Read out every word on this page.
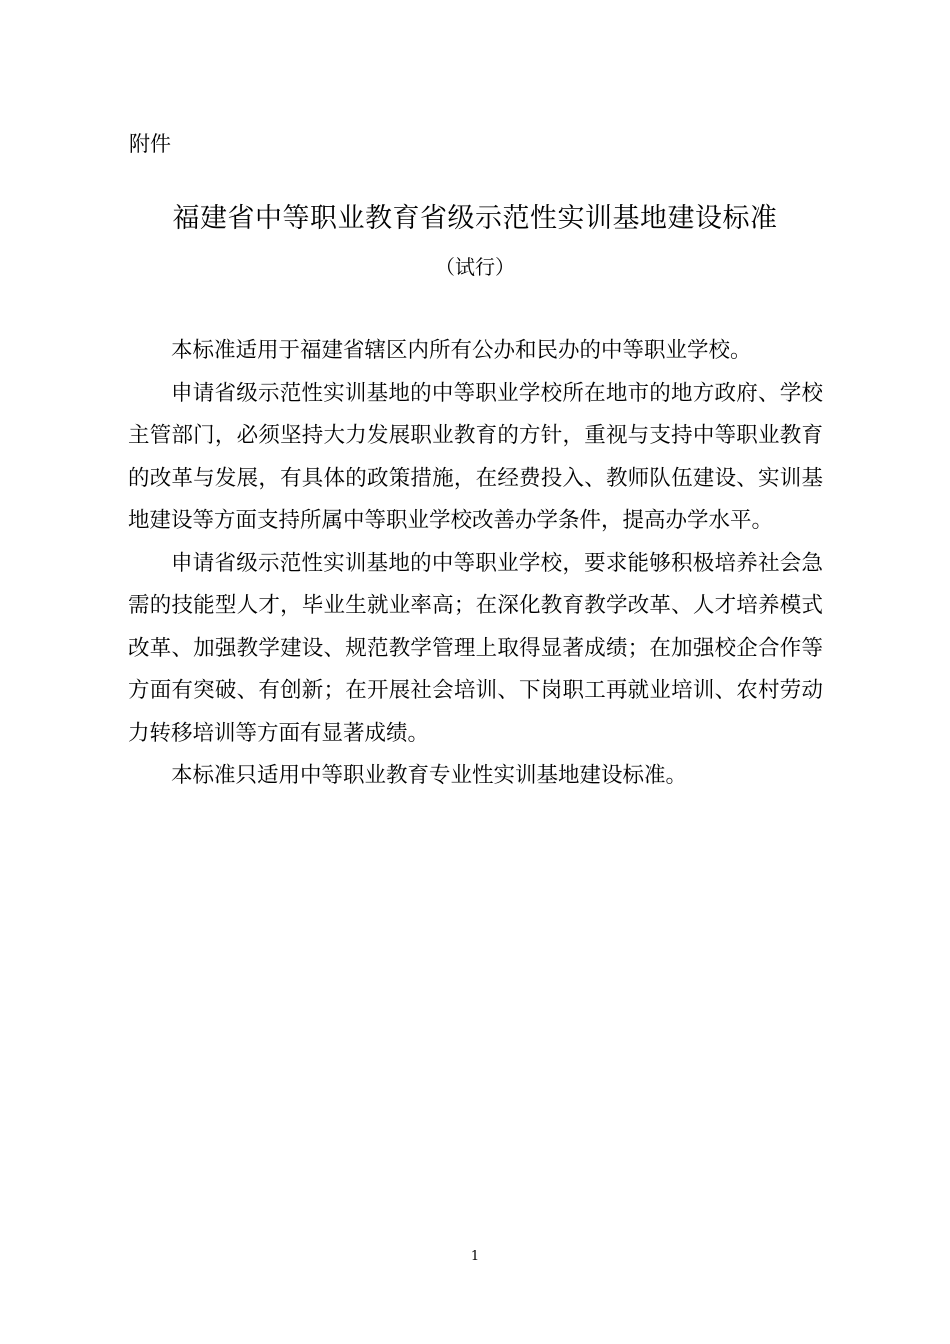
附件
福建省中等职业教育省级示范性实训基地建设标准
（试行）

本标准适用于福建省辖区内所有公办和民办的中等职业学校。

申请省级示范性实训基地的中等职业学校所在地市的地方政府、学校主管部门，必须坚持大力发展职业教育的方针，重视与支持中等职业教育的改革与发展，有具体的政策措施，在经费投入、教师队伍建设、实训基地建设等方面支持所属中等职业学校改善办学条件，提高办学水平。

申请省级示范性实训基地的中等职业学校，要求能够积极培养社会急需的技能型人才，毕业生就业率高；在深化教育教学改革、人才培养模式改革、加强教学建设、规范教学管理上取得显著成绩；在加强校企合作等方面有突破、有创新；在开展社会培训、下岗职工再就业培训、农村劳动力转移培训等方面有显著成绩。

本标准只适用中等职业教育专业性实训基地建设标准。

1
